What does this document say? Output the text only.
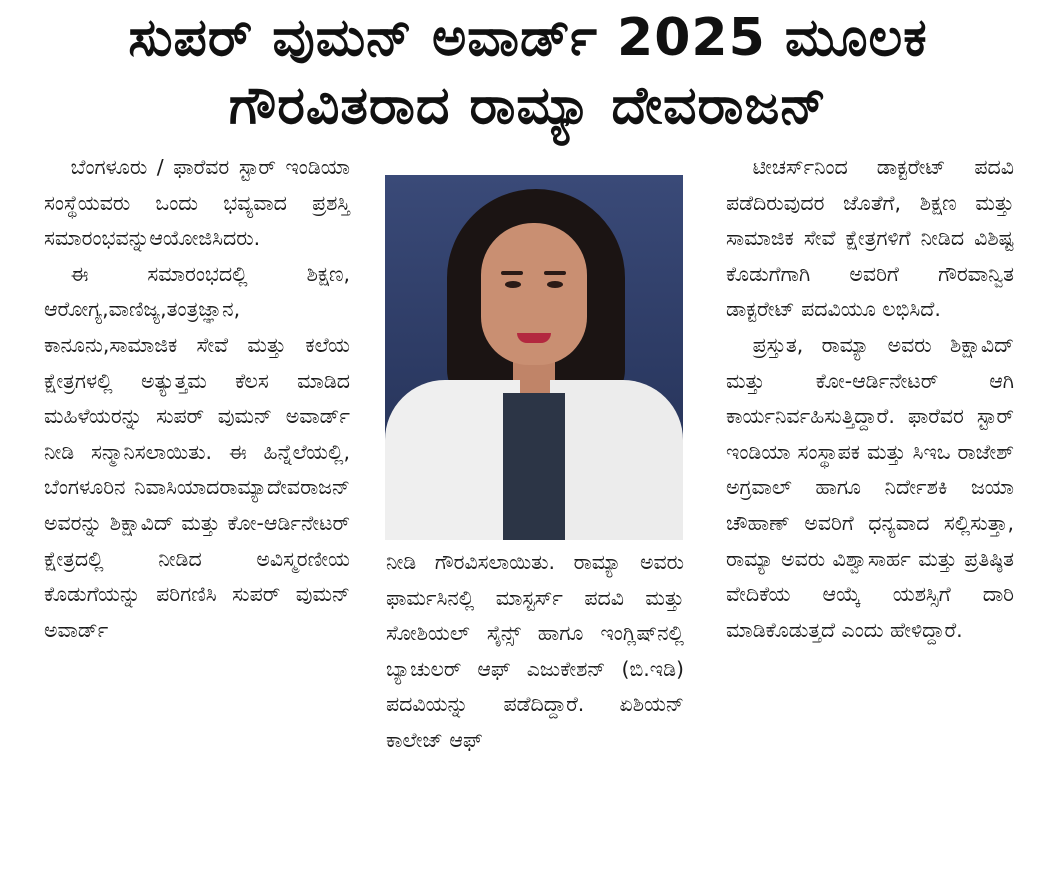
ಸುಪರ್ ವುಮನ್ ಅವಾರ್ಡ್ 2025 ಮೂಲಕ
ಗೌರವಿತರಾದ ರಾಮ್ಯಾ ದೇವರಾಜನ್

ಬೆಂಗಳೂರು / ಫಾರೆವರ ಸ್ಟಾರ್ ಇಂಡಿಯಾ ಸಂಸ್ಥೆಯವರು ಒಂದು ಭವ್ಯವಾದ ಪ್ರಶಸ್ತಿ ಸಮಾರಂಭವನ್ನುಆಯೋಜಿಸಿದರು.

ಈ ಸಮಾರಂಭದಲ್ಲಿ ಶಿಕ್ಷಣ, ಆರೋಗ್ಯ,ವಾಣಿಜ್ಯ,ತಂತ್ರಜ್ಞಾನ, ಕಾನೂನು,ಸಾಮಾಜಿಕ ಸೇವೆ ಮತ್ತು ಕಲೆಯ ಕ್ಷೇತ್ರಗಳಲ್ಲಿ ಅತ್ಯುತ್ತಮ ಕೆಲಸ ಮಾಡಿದ ಮಹಿಳೆಯರನ್ನು ಸುಪರ್ ವುಮನ್ ಅವಾರ್ಡ್ ನೀಡಿ ಸನ್ಮಾನಿಸಲಾಯಿತು. ಈ ಹಿನ್ನೆಲೆಯಲ್ಲಿ, ಬೆಂಗಳೂರಿನ ನಿವಾಸಿಯಾದರಾಮ್ಯಾದೇವರಾಜನ್ ಅವರನ್ನು ಶಿಕ್ಷಾವಿದ್ ಮತ್ತು ಕೋ-ಆರ್ಡಿನೇಟರ್ ಕ್ಷೇತ್ರದಲ್ಲಿ ನೀಡಿದ ಅವಿಸ್ಮರಣೀಯ ಕೊಡುಗೆಯನ್ನು ಪರಿಗಣಿಸಿ ಸುಪರ್ ವುಮನ್ ಅವಾರ್ಡ್

ನೀಡಿ ಗೌರವಿಸಲಾಯಿತು. ರಾಮ್ಯಾ ಅವರು ಫಾರ್ಮಸಿನಲ್ಲಿ ಮಾಸ್ಟರ್ಸ್ ಪದವಿ ಮತ್ತು ಸೋಶಿಯಲ್ ಸೈನ್ಸ್ ಹಾಗೂ ಇಂಗ್ಲಿಷ್‌ನಲ್ಲಿ ಬ್ಯಾಚುಲರ್ ಆಫ್ ಎಜುಕೇಶನ್ (ಬಿ.ಇಡಿ) ಪದವಿಯನ್ನು ಪಡೆದಿದ್ದಾರೆ. ಏಶಿಯನ್ ಕಾಲೇಜ್ ಆಫ್

ಟೀಚರ್ಸ್‌ನಿಂದ ಡಾಕ್ಟರೇಟ್ ಪದವಿ ಪಡೆದಿರುವುದರ ಜೊತೆಗೆ, ಶಿಕ್ಷಣ ಮತ್ತು ಸಾಮಾಜಿಕ ಸೇವೆ ಕ್ಷೇತ್ರಗಳಿಗೆ ನೀಡಿದ ವಿಶಿಷ್ಟ ಕೊಡುಗೆಗಾಗಿ ಅವರಿಗೆ ಗೌರವಾನ್ವಿತ ಡಾಕ್ಟರೇಟ್ ಪದವಿಯೂ ಲಭಿಸಿದೆ.

ಪ್ರಸ್ತುತ, ರಾಮ್ಯಾ ಅವರು ಶಿಕ್ಷಾವಿದ್ ಮತ್ತು ಕೋ-ಆರ್ಡಿನೇಟರ್ ಆಗಿ ಕಾರ್ಯನಿರ್ವಹಿಸುತ್ತಿದ್ದಾರೆ. ಫಾರೆವರ ಸ್ಟಾರ್ ಇಂಡಿಯಾ ಸಂಸ್ಥಾಪಕ ಮತ್ತು ಸಿಇಒ ರಾಜೇಶ್ ಅಗ್ರವಾಲ್ ಹಾಗೂ ನಿರ್ದೇಶಕಿ ಜಯಾ ಚೌಹಾಣ್ ಅವರಿಗೆ ಧನ್ಯವಾದ ಸಲ್ಲಿಸುತ್ತಾ, ರಾಮ್ಯಾ ಅವರು ವಿಶ್ವಾಸಾರ್ಹ ಮತ್ತು ಪ್ರತಿಷ್ಠಿತ ವೇದಿಕೆಯ ಆಯ್ಕೆ ಯಶಸ್ಸಿಗೆ ದಾರಿ ಮಾಡಿಕೊಡುತ್ತದೆ ಎಂದು ಹೇಳಿದ್ದಾರೆ.
